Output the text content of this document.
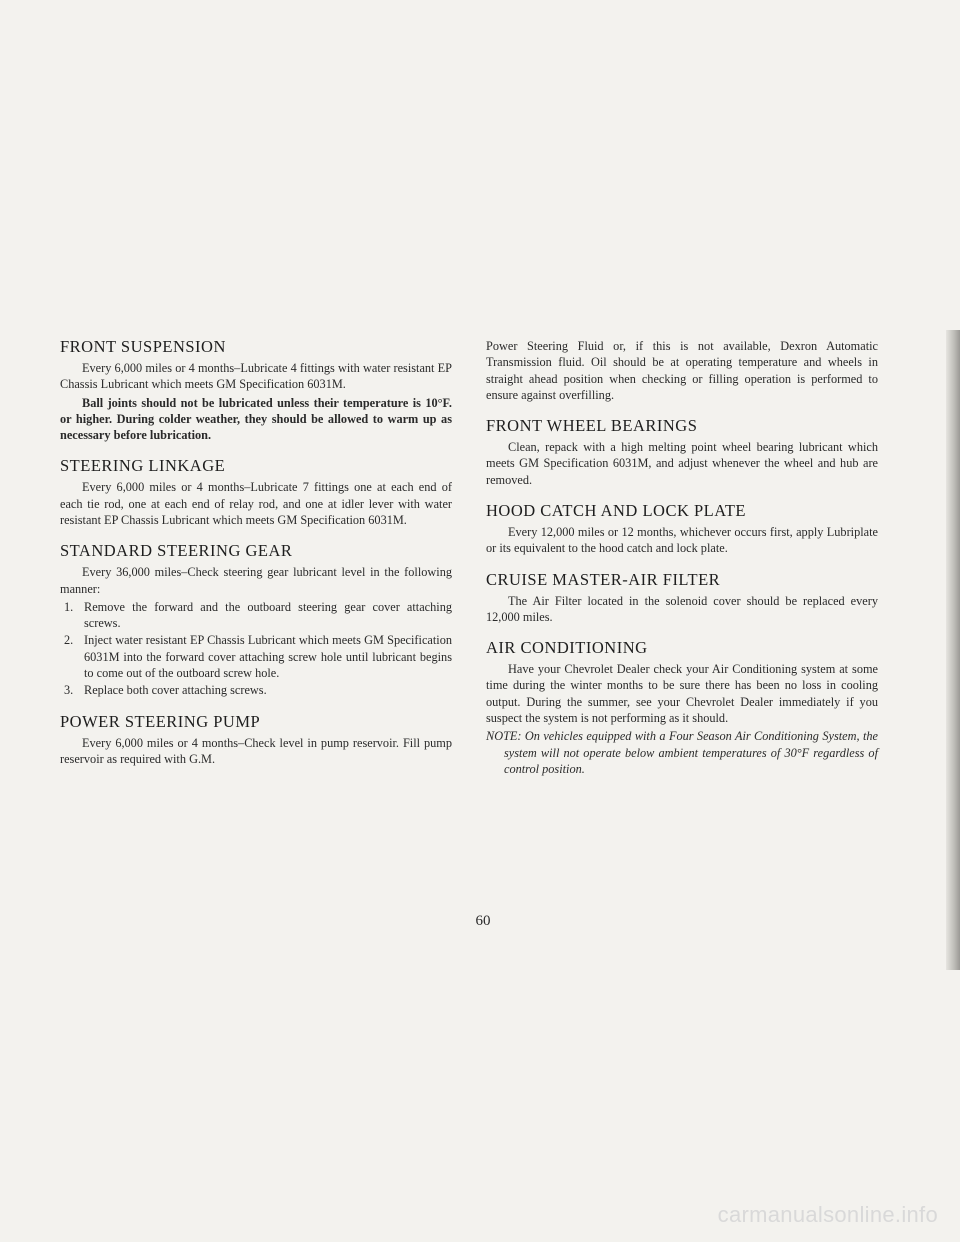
FRONT SUSPENSION

Every 6,000 miles or 4 months–Lubricate 4 fittings with water resistant EP Chassis Lubricant which meets GM Specification 6031M.

Ball joints should not be lubricated unless their temperature is 10°F. or higher. During colder weather, they should be allowed to warm up as necessary before lubrication.

STEERING LINKAGE

Every 6,000 miles or 4 months–Lubricate 7 fittings one at each end of each tie rod, one at each end of relay rod, and one at idler lever with water resistant EP Chassis Lubricant which meets GM Specification 6031M.

STANDARD STEERING GEAR

Every 36,000 miles–Check steering gear lubricant level in the following manner:

1. Remove the forward and the outboard steering gear cover attaching screws.
2. Inject water resistant EP Chassis Lubricant which meets GM Specification 6031M into the forward cover attaching screw hole until lubricant begins to come out of the outboard screw hole.
3. Replace both cover attaching screws.
POWER STEERING PUMP

Every 6,000 miles or 4 months–Check level in pump reservoir. Fill pump reservoir as required with G.M.

Power Steering Fluid or, if this is not available, Dexron Automatic Transmission fluid. Oil should be at operating temperature and wheels in straight ahead position when checking or filling operation is performed to ensure against overfilling.

FRONT WHEEL BEARINGS

Clean, repack with a high melting point wheel bearing lubricant which meets GM Specification 6031M, and adjust whenever the wheel and hub are removed.

HOOD CATCH AND LOCK PLATE

Every 12,000 miles or 12 months, whichever occurs first, apply Lubriplate or its equivalent to the hood catch and lock plate.

CRUISE MASTER-AIR FILTER

The Air Filter located in the solenoid cover should be replaced every 12,000 miles.

AIR CONDITIONING

Have your Chevrolet Dealer check your Air Conditioning system at some time during the winter months to be sure there has been no loss in cooling output. During the summer, see your Chevrolet Dealer immediately if you suspect the system is not performing as it should.

NOTE: On vehicles equipped with a Four Season Air Conditioning System, the system will not operate below ambient temperatures of 30°F regardless of control position.

60
carmanualsonline.info
